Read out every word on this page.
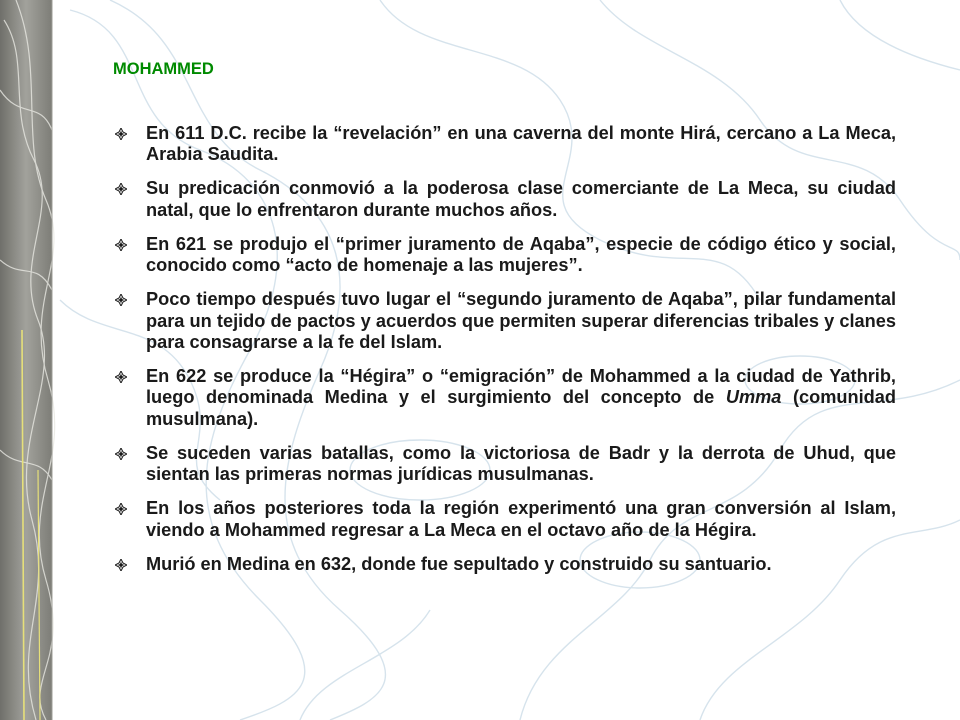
MOHAMMED
En 611 D.C. recibe la “revelación” en una caverna del monte Hirá, cercano a La Meca, Arabia Saudita.
Su predicación conmovió a la poderosa clase comerciante de La Meca, su ciudad natal, que lo enfrentaron durante muchos años.
En 621 se produjo el “primer juramento de Aqaba”, especie de código ético y social, conocido como “acto de homenaje a las mujeres”.
Poco tiempo después tuvo lugar el “segundo juramento de Aqaba”, pilar fundamental para un tejido de pactos y acuerdos que permiten superar diferencias tribales y clanes para consagrarse a la fe del Islam.
En 622 se produce la “Hégira” o “emigración” de Mohammed a la ciudad de Yathrib, luego denominada Medina y el surgimiento del concepto de Umma (comunidad musulmana).
Se suceden varias batallas, como la victoriosa de Badr y la derrota de Uhud, que sientan las primeras normas jurídicas musulmanas.
En los años posteriores toda la región experimentó una gran conversión al Islam, viendo a Mohammed regresar a La Meca en el octavo año de la Hégira.
Murió en Medina en 632, donde fue sepultado y construido su santuario.
